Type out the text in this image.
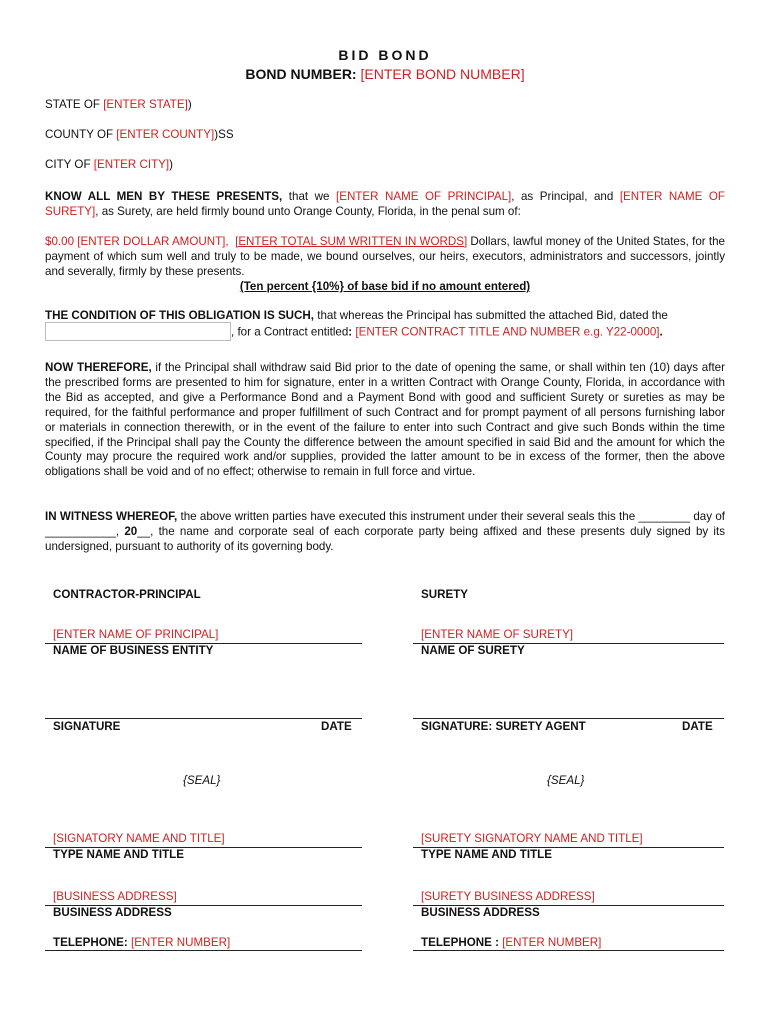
BID BOND
BOND NUMBER: [ENTER BOND NUMBER]
STATE OF [ENTER STATE])
COUNTY OF [ENTER COUNTY])SS
CITY OF [ENTER CITY])
KNOW ALL MEN BY THESE PRESENTS, that we [ENTER NAME OF PRINCIPAL], as Principal, and [ENTER NAME OF SURETY], as Surety, are held firmly bound unto Orange County, Florida, in the penal sum of:
$0.00 [ENTER DOLLAR AMOUNT], [ENTER TOTAL SUM WRITTEN IN WORDS] Dollars, lawful money of the United States, for the payment of which sum well and truly to be made, we bound ourselves, our heirs, executors, administrators and successors, jointly and severally, firmly by these presents.
(Ten percent {10%} of base bid if no amount entered)
THE CONDITION OF THIS OBLIGATION IS SUCH, that whereas the Principal has submitted the attached Bid, dated the
, for a Contract entitled: [ENTER CONTRACT TITLE AND NUMBER e.g. Y22-0000].
NOW THEREFORE, if the Principal shall withdraw said Bid prior to the date of opening the same, or shall within ten (10) days after the prescribed forms are presented to him for signature, enter in a written Contract with Orange County, Florida, in accordance with the Bid as accepted, and give a Performance Bond and a Payment Bond with good and sufficient Surety or sureties as may be required, for the faithful performance and proper fulfillment of such Contract and for prompt payment of all persons furnishing labor or materials in connection therewith, or in the event of the failure to enter into such Contract and give such Bonds within the time specified, if the Principal shall pay the County the difference between the amount specified in said Bid and the amount for which the County may procure the required work and/or supplies, provided the latter amount to be in excess of the former, then the above obligations shall be void and of no effect; otherwise to remain in full force and virtue.
IN WITNESS WHEREOF, the above written parties have executed this instrument under their several seals this the ________ day of ___________, 20__, the name and corporate seal of each corporate party being affixed and these presents duly signed by its undersigned, pursuant to authority of its governing body.
CONTRACTOR-PRINCIPAL
[ENTER NAME OF PRINCIPAL]
NAME OF BUSINESS ENTITY
SIGNATURE	DATE
{SEAL}
[SIGNATORY NAME AND TITLE]
TYPE NAME AND TITLE
[BUSINESS ADDRESS]
BUSINESS ADDRESS
TELEPHONE: [ENTER NUMBER]
SURETY
[ENTER NAME OF SURETY]
NAME OF SURETY
SIGNATURE: SURETY AGENT	DATE
{SEAL}
[SURETY SIGNATORY NAME AND TITLE]
TYPE NAME AND TITLE
[SURETY BUSINESS ADDRESS]
BUSINESS ADDRESS
TELEPHONE : [ENTER NUMBER]
